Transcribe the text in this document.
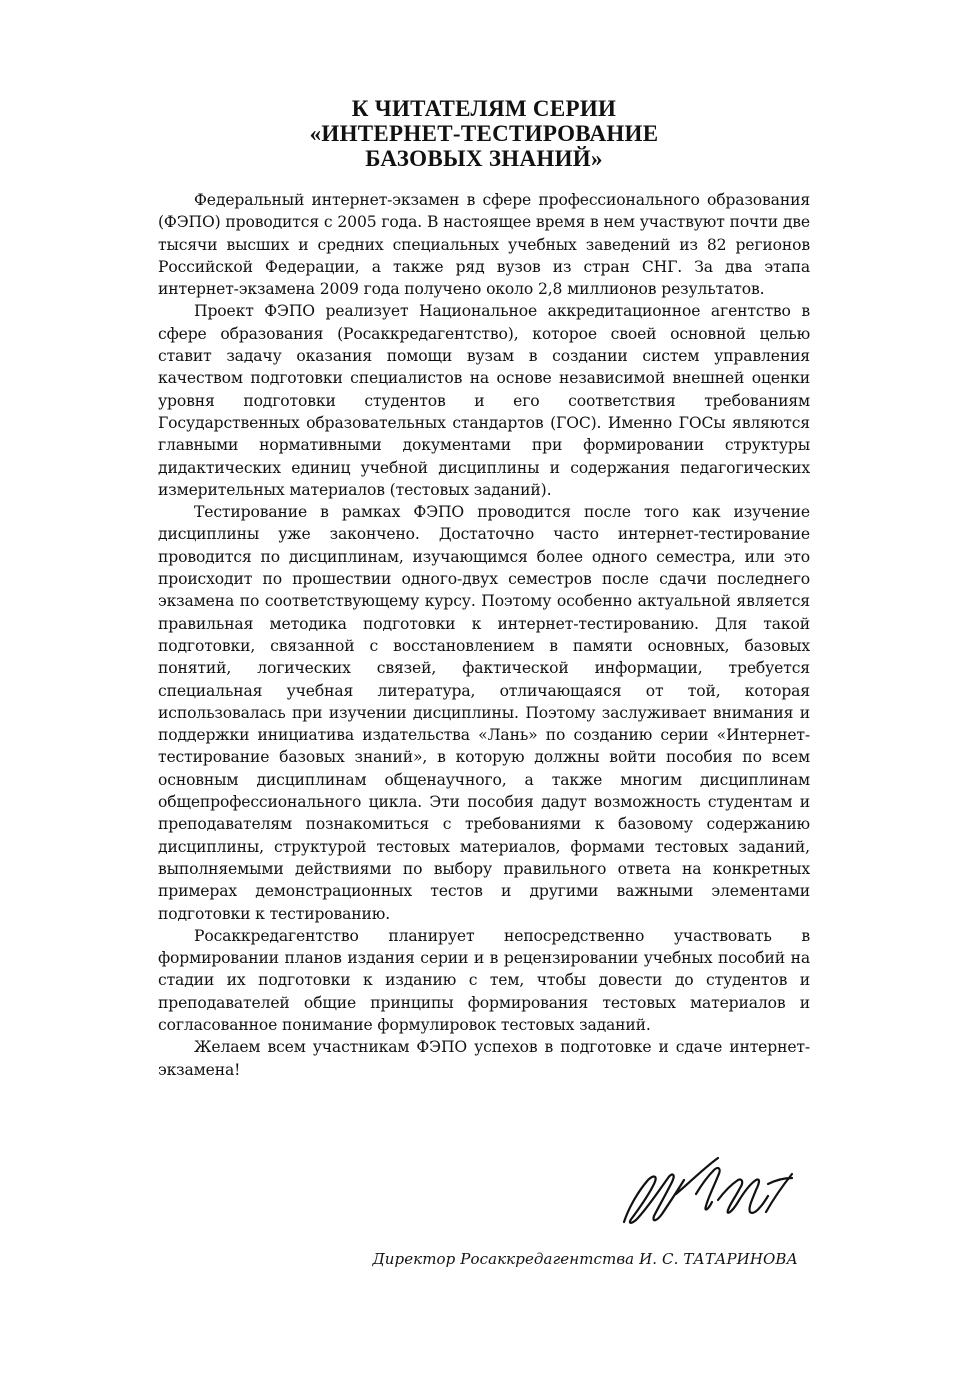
К ЧИТАТЕЛЯМ СЕРИИ
«ИНТЕРНЕТ-ТЕСТИРОВАНИЕ
БАЗОВЫХ ЗНАНИЙ»

Федеральный интернет-экзамен в сфере профессионального образования (ФЭПО) проводится с 2005 года. В настоящее время в нем участвуют почти две тысячи высших и средних специальных учебных заведений из 82 регионов Российской Федерации, а также ряд вузов из стран СНГ. За два этапа интернет-экзамена 2009 года получено около 2,8 миллионов результатов.

Проект ФЭПО реализует Национальное аккредитационное агентство в сфере образования (Росаккредагентство), которое своей основной целью ставит задачу оказания помощи вузам в создании систем управления качеством подготовки специалистов на основе независимой внешней оценки уровня подготовки студентов и его соответствия требованиям Государственных образовательных стандартов (ГОС). Именно ГОСы являются главными нормативными документами при формировании структуры дидактических единиц учебной дисциплины и содержания педагогических измерительных материалов (тестовых заданий).

Тестирование в рамках ФЭПО проводится после того как изучение дисциплины уже закончено. Достаточно часто интернет-тестирование проводится по дисциплинам, изучающимся более одного семестра, или это происходит по прошествии одного-двух семестров после сдачи последнего экзамена по соответствующему курсу. Поэтому особенно актуальной является правильная методика подготовки к интернет-тестированию. Для такой подготовки, связанной с восстановлением в памяти основных, базовых понятий, логических связей, фактической информации, требуется специальная учебная литература, отличающаяся от той, которая использовалась при изучении дисциплины. Поэтому заслуживает внимания и поддержки инициатива издательства «Лань» по созданию серии «Интернет-тестирование базовых знаний», в которую должны войти пособия по всем основным дисциплинам общенаучного, а также многим дисциплинам общепрофессионального цикла. Эти пособия дадут возможность студентам и преподавателям познакомиться с требованиями к базовому содержанию дисциплины, структурой тестовых материалов, формами тестовых заданий, выполняемыми действиями по выбору правильного ответа на конкретных примерах демонстрационных тестов и другими важными элементами подготовки к тестированию.

Росаккредагентство планирует непосредственно участвовать в формировании планов издания серии и в рецензировании учебных пособий на стадии их подготовки к изданию с тем, чтобы довести до студентов и преподавателей общие принципы формирования тестовых материалов и согласованное понимание формулировок тестовых заданий.

Желаем всем участникам ФЭПО успехов в подготовке и сдаче интернет-экзамена!

Директор Росаккредагентства И. С. ТАТАРИНОВА
